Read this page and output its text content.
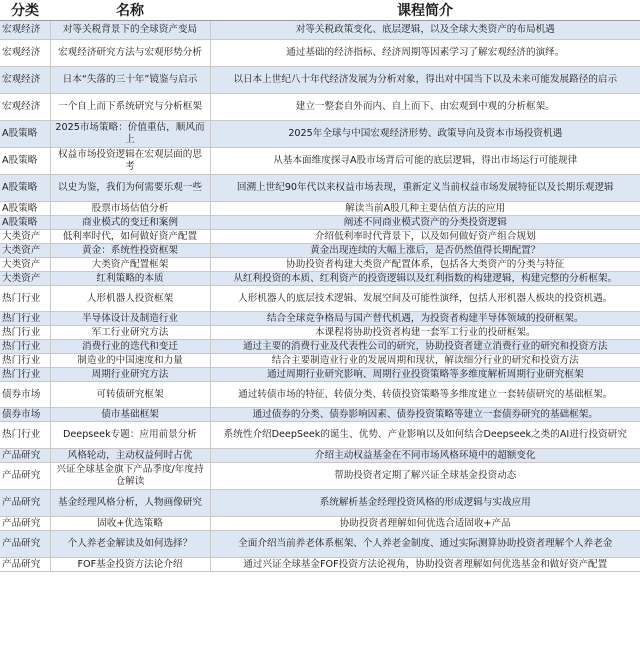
分类	名称	课程简介
宏观经济	对等关税背景下的全球资产变局	对等关税政策变化、底层逻辑，以及全球大类资产的布局机遇
宏观经济	宏观经济研究方法与宏观形势分析	通过基础的经济指标、经济周期等因素学习了解宏观经济的演绎。
宏观经济	日本“失落的三十年”镜鉴与启示	以日本上世纪八十年代经济发展为分析对象，得出对中国当下以及未来可能发展路径的启示
宏观经济	一个自上而下系统研究与分析框架	建立一整套自外而内、自上而下、由宏观到中观的分析框架。
A股策略	2025市场策略：价值重估，顺风而上	2025年全球与中国宏观经济形势、政策导向及资本市场投资机遇
A股策略	权益市场投资逻辑在宏观层面的思考	从基本面维度探寻A股市场背后可能的底层逻辑，得出市场运行可能规律
A股策略	以史为鉴，我们为何需要乐观一些	回溯上世纪90年代以来权益市场表现，重新定义当前权益市场发展特征以及长期乐观逻辑
A股策略	股票市场估值分析	解读当前A股几种主要估值方法的应用
A股策略	商业模式的变迁和案例	阐述不同商业模式资产的分类投资逻辑
大类资产	低利率时代，如何做好资产配置	介绍低利率时代背景下，以及如何做好资产组合规划
大类资产	黄金：系统性投资框架	黄金出现连续的大幅上涨后，是否仍然值得长期配置？
大类资产	大类资产配置框架	协助投资者构建大类资产配置体系，包括各大类资产的分类与特征
大类资产	红利策略的本质	从红利投资的本质、红利资产的投资逻辑以及红利指数的构建逻辑，构建完整的分析框架。
热门行业	人形机器人投资框架	人形机器人的底层技术逻辑、发展空间及可能性演绎，包括人形机器人板块的投资机遇。
热门行业	半导体设计及制造行业	结合全球竞争格局与国产替代机遇，为投资者构建半导体领域的投研框架。
热门行业	军工行业研究方法	本课程将协助投资者构建一套军工行业的投研框架。
热门行业	消费行业的迭代和变迁	通过主要的消费行业及代表性公司的研究，协助投资者建立消费行业的研究和投资方法
热门行业	制造业的中国速度和力量	结合主要制造业行业的发展周期和现状，解读细分行业的研究和投资方法
热门行业	周期行业研究方法	通过周期行业研究影响、周期行业投资策略等多维度解析周期行业研究框架
债券市场	可转债研究框架	通过转债市场的特征、转债分类、转债投资策略等多维度建立一套转债研究的基础框架。
债券市场	债市基础框架	通过债券的分类、债券影响因素、债券投资策略等建立一套债券研究的基础框架。
热门行业	Deepseek专题：应用前景分析	系统性介绍DeepSeek的诞生、优势、产业影响以及如何结合Deepseek之类的AI进行投资研究
产品研究	风格轮动，主动权益何时占优	介绍主动权益基金在不同市场风格环境中的超额变化
产品研究	兴证全球基金旗下产品季度/年度持仓解读	帮助投资者定期了解兴证全球基金投资动态
产品研究	基金经理风格分析，人物画像研究	系统解析基金经理投资风格的形成逻辑与实战应用
产品研究	固收+优选策略	协助投资者理解如何优选合适固收+产品
产品研究	个人养老金解读及如何选择？	全面介绍当前养老体系框架、个人养老金制度、通过实际测算协助投资者理解个人养老金
产品研究	FOF基金投资方法论介绍	通过兴证全球基金FOF投资方法论视角，协助投资者理解如何优选基金和做好资产配置
